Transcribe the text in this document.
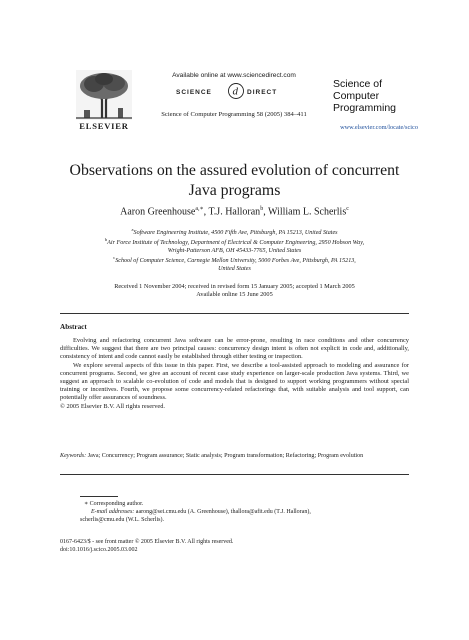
ELSEVIER
Available online at www.sciencedirect.com
SCIENCE d DIRECT
Science of Computer Programming 58 (2005) 384–411
Science of
Computer
Programming
www.elsevier.com/locate/scico
Observations on the assured evolution of concurrent
Java programs
Aaron Greenhouse$^{a,∗}$, T.J. Halloran$^b$, William L. Scherlis$^c$
$^a$Software Engineering Institute, 4500 Fifth Ave, Pittsburgh, PA 15213, United States
$^b$Air Force Institute of Technology, Department of Electrical & Computer Engineering, 2950 Hobson Way,
Wright-Patterson AFB, OH 45433-7765, United States
$^c$School of Computer Science, Carnegie Mellon University, 5000 Forbes Ave, Pittsburgh, PA 15213,
United States
Received 1 November 2004; received in revised form 15 January 2005; accepted 1 March 2005
Available online 15 June 2005
Abstract

Evolving and refactoring concurrent Java software can be error-prone, resulting in race conditions and other concurrency difficulties. We suggest that there are two principal causes: concurrency design intent is often not explicit in code and, additionally, consistency of intent and code cannot easily be established through either testing or inspection.

We explore several aspects of this issue in this paper. First, we describe a tool-assisted approach to modeling and assurance for concurrent programs. Second, we give an account of recent case study experience on larger-scale production Java systems. Third, we suggest an approach to scalable co-evolution of code and models that is designed to support working programmers without special training or incentives. Fourth, we propose some concurrency-related refactorings that, with suitable analysis and tool support, can potentially offer assurances of soundness.

© 2005 Elsevier B.V. All rights reserved.

Keywords: Java; Concurrency; Program assurance; Static analysis; Program transformation; Refactoring; Program evolution
∗ Corresponding author.
E-mail addresses: aarong@sei.cmu.edu (A. Greenhouse), thallora@afit.edu (T.J. Halloran),
scherlis@cmu.edu (W.L. Scherlis).
0167-6423/$ - see front matter © 2005 Elsevier B.V. All rights reserved.
doi:10.1016/j.scico.2005.03.002
